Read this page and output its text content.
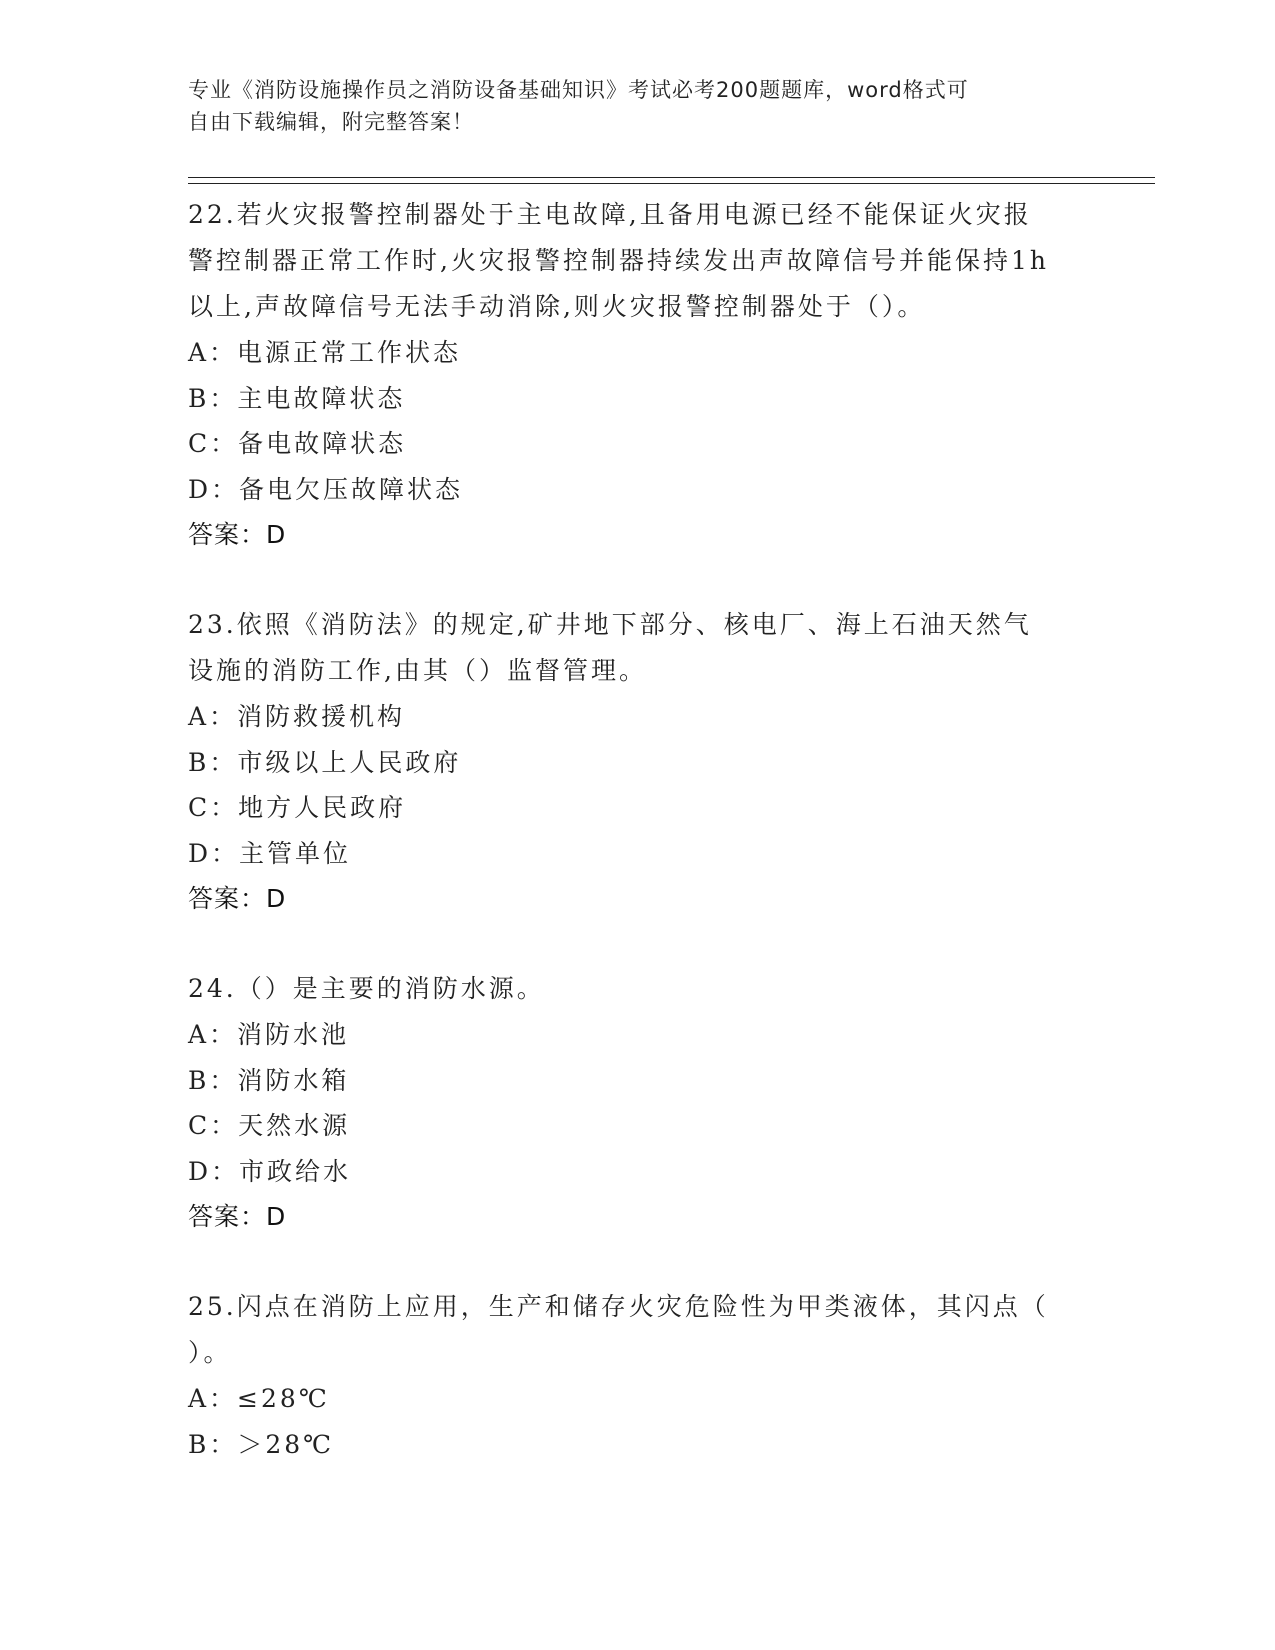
专业《消防设施操作员之消防设备基础知识》考试必考200题题库，word格式可
自由下载编辑，附完整答案！

22.若火灾报警控制器处于主电故障,且备用电源已经不能保证火灾报

警控制器正常工作时,火灾报警控制器持续发出声故障信号并能保持1h

以上,声故障信号无法手动消除,则火灾报警控制器处于（）。

A：电源正常工作状态

B：主电故障状态

C：备电故障状态

D：备电欠压故障状态

答案：D

23.依照《消防法》的规定,矿井地下部分、核电厂、海上石油天然气

设施的消防工作,由其（）监督管理。

A：消防救援机构

B：市级以上人民政府

C：地方人民政府

D：主管单位

答案：D

24.（）是主要的消防水源。

A：消防水池

B：消防水箱

C：天然水源

D：市政给水

答案：D

25.闪点在消防上应用，生产和储存火灾危险性为甲类液体，其闪点（

）。

A：≤28℃

B：＞28℃
